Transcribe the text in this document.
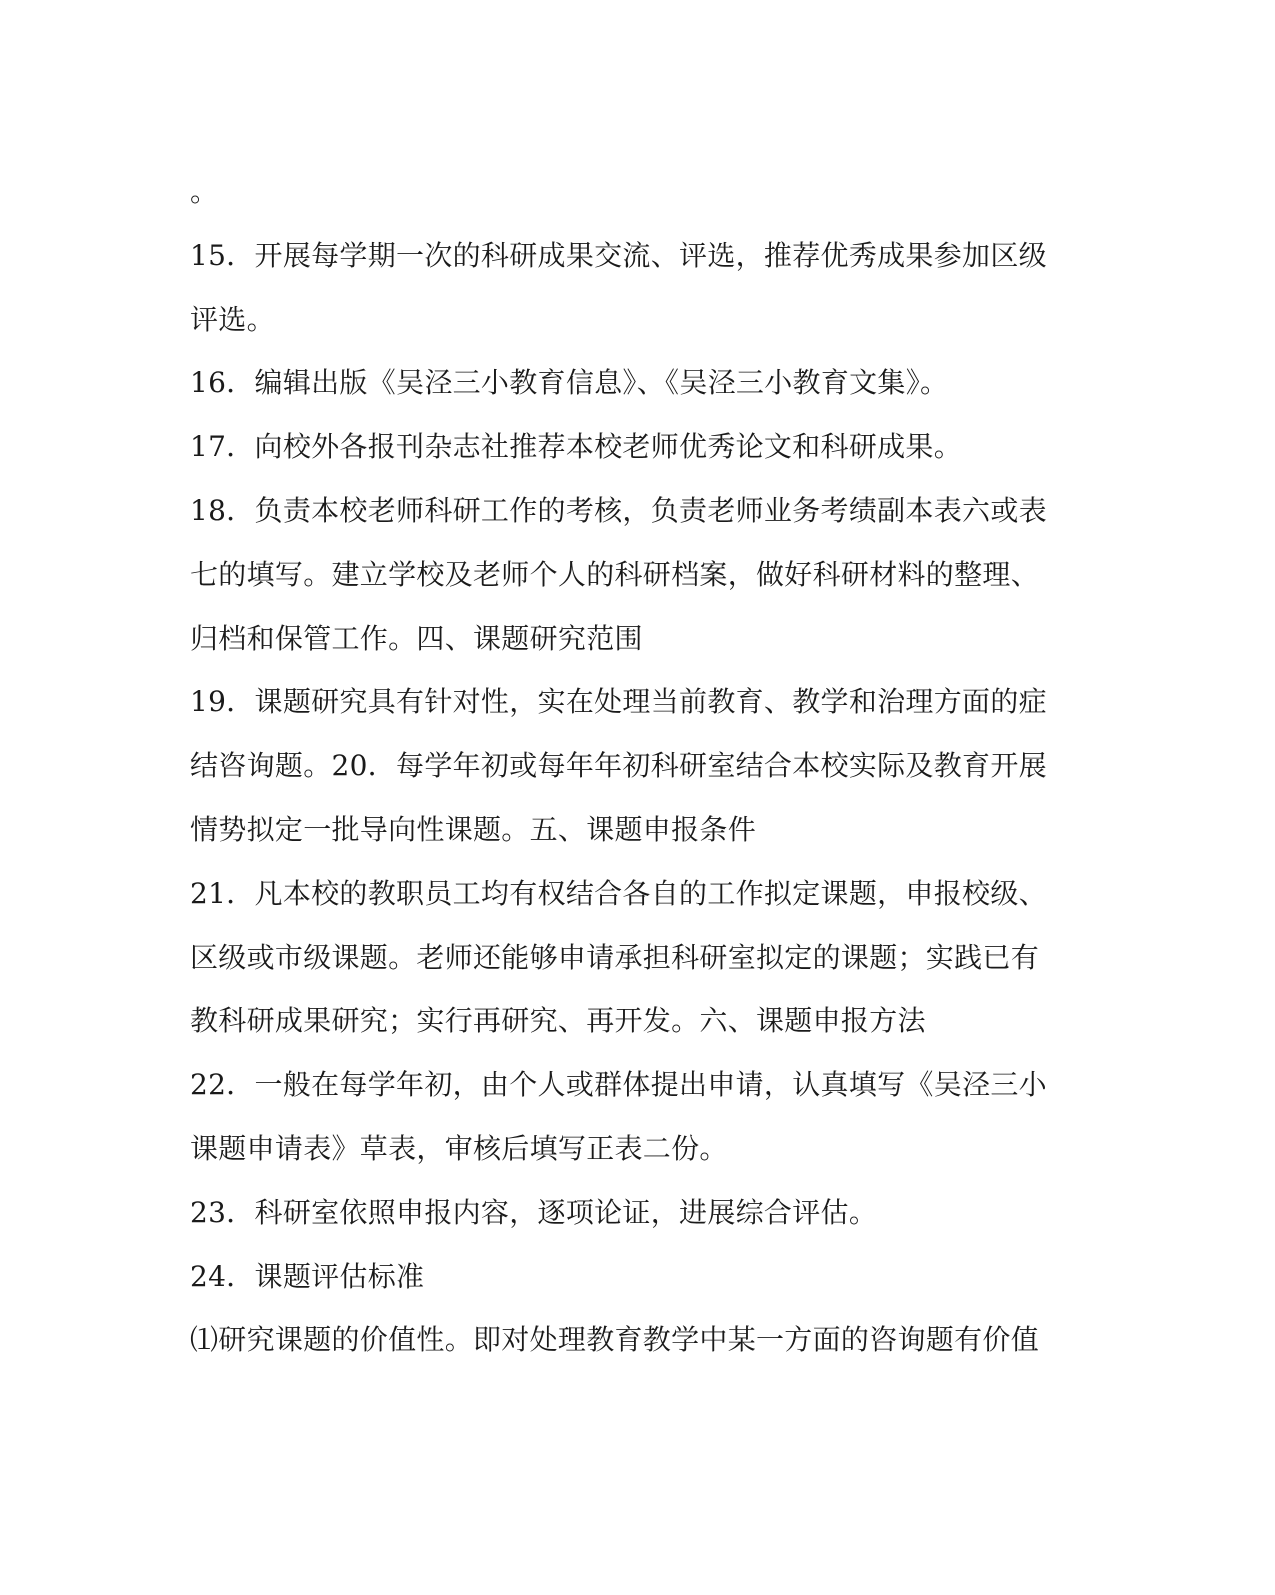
。
15．开展每学期一次的科研成果交流、评选，推荐优秀成果参加区级
评选。
16．编辑出版《吴泾三小教育信息》、《吴泾三小教育文集》。
17．向校外各报刊杂志社推荐本校老师优秀论文和科研成果。
18．负责本校老师科研工作的考核，负责老师业务考绩副本表六或表
七的填写。建立学校及老师个人的科研档案，做好科研材料的整理、
归档和保管工作。四、课题研究范围
19．课题研究具有针对性，实在处理当前教育、教学和治理方面的症
结咨询题。20．每学年初或每年年初科研室结合本校实际及教育开展
情势拟定一批导向性课题。五、课题申报条件
21．凡本校的教职员工均有权结合各自的工作拟定课题，申报校级、
区级或市级课题。老师还能够申请承担科研室拟定的课题；实践已有
教科研成果研究；实行再研究、再开发。六、课题申报方法
22．一般在每学年初，由个人或群体提出申请，认真填写《吴泾三小
课题申请表》草表，审核后填写正表二份。
23．科研室依照申报内容，逐项论证，进展综合评估。
24．课题评估标准
⑴研究课题的价值性。即对处理教育教学中某一方面的咨询题有价值
